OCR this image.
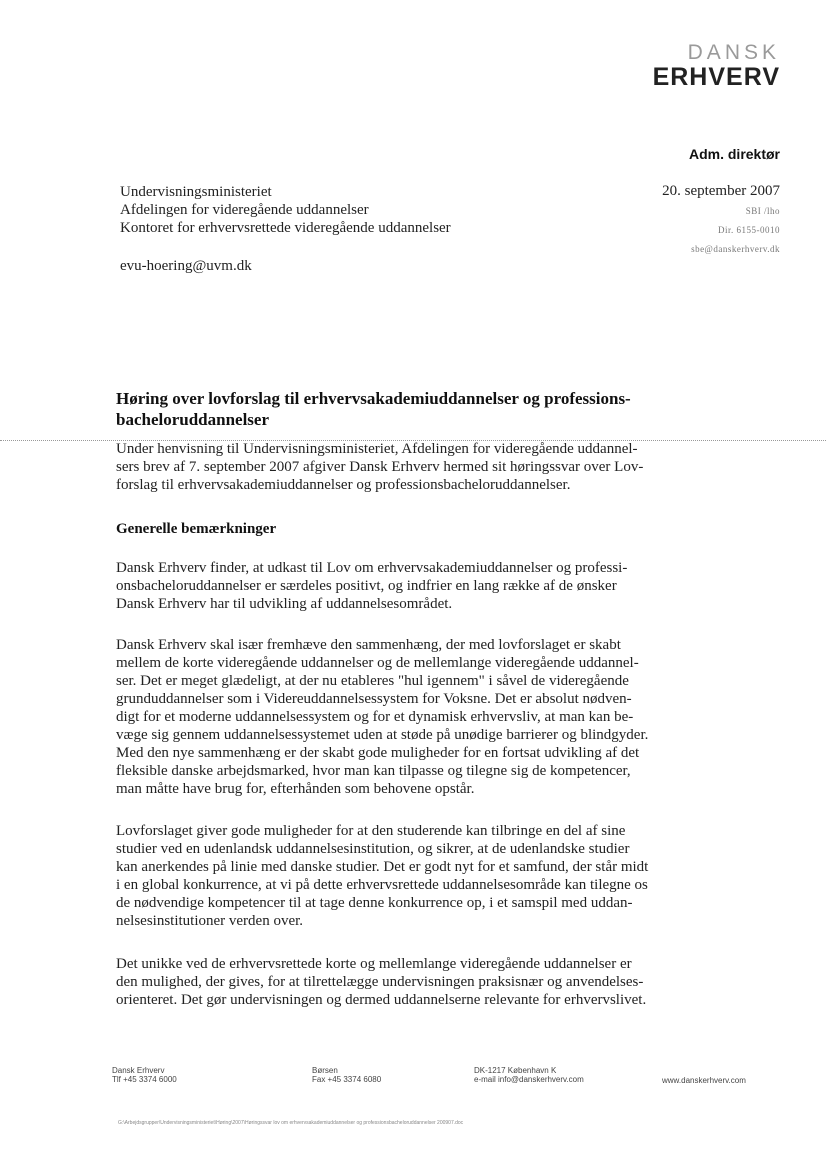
DANSK
ERHVERV
Adm. direktør
Undervisningsministeriet
Afdelingen for videregående uddannelser
Kontoret for erhvervsrettede videregående uddannelser
evu-hoering@uvm.dk
20. september 2007
SBI /lho
Dir. 6155-0010
sbe@danskerhverv.dk
Høring over lovforslag til erhvervsakademiuddannelser og professions-
bacheloruddannelser
Under henvisning til Undervisningsministeriet, Afdelingen for videregående uddannel-
sers brev af 7. september 2007 afgiver Dansk Erhverv hermed sit høringssvar over Lov-
forslag til erhvervsakademiuddannelser og professionsbacheloruddannelser.
Generelle bemærkninger
Dansk Erhverv finder, at udkast til Lov om erhvervsakademiuddannelser og professi-
onsbacheloruddannelser er særdeles positivt, og indfrier en lang række af de ønsker
Dansk Erhverv har til udvikling af uddannelsesområdet.
Dansk Erhverv skal især fremhæve den sammenhæng, der med lovforslaget er skabt
mellem de korte videregående uddannelser og de mellemlange videregående uddannel-
ser. Det er meget glædeligt, at der nu etableres "hul igennem" i såvel de videregående
grunduddannelser som i Videreuddannelsessystem for Voksne. Det er absolut nødven-
digt for et moderne uddannelsessystem og for et dynamisk erhvervsliv, at man kan be-
væge sig gennem uddannelsessystemet uden at støde på unødige barrierer og blindgyder.
Med den nye sammenhæng er der skabt gode muligheder for en fortsat udvikling af det
fleksible danske arbejdsmarked, hvor man kan tilpasse og tilegne sig de kompetencer,
man måtte have brug for, efterhånden som behovene opstår.
Lovforslaget giver gode muligheder for at den studerende kan tilbringe en del af sine
studier ved en udenlandsk uddannelsesinstitution, og sikrer, at de udenlandske studier
kan anerkendes på linie med danske studier. Det er godt nyt for et samfund, der står midt
i en global konkurrence, at vi på dette erhvervsrettede uddannelsesområde kan tilegne os
de nødvendige kompetencer til at tage denne konkurrence op, i et samspil med uddan-
nelsesinstitutioner verden over.
Det unikke ved de erhvervsrettede korte og mellemlange videregående uddannelser er
den mulighed, der gives, for at tilrettelægge undervisningen praksisnær og anvendelses-
orienteret. Det gør undervisningen og dermed uddannelserne relevante for erhvervslivet.
Dansk Erhverv
Tlf +45 3374 6000
Børsen
Fax +45 3374 6080
DK-1217 København K
e-mail info@danskerhverv.com	www.danskerhverv.com
G:\Arbejdsgrupper\Undervisningsministeriet\Høring\2007\Høringssvar lov om erhvervsakademiuddannelser og professionsbacheloruddannelser 200907.doc
